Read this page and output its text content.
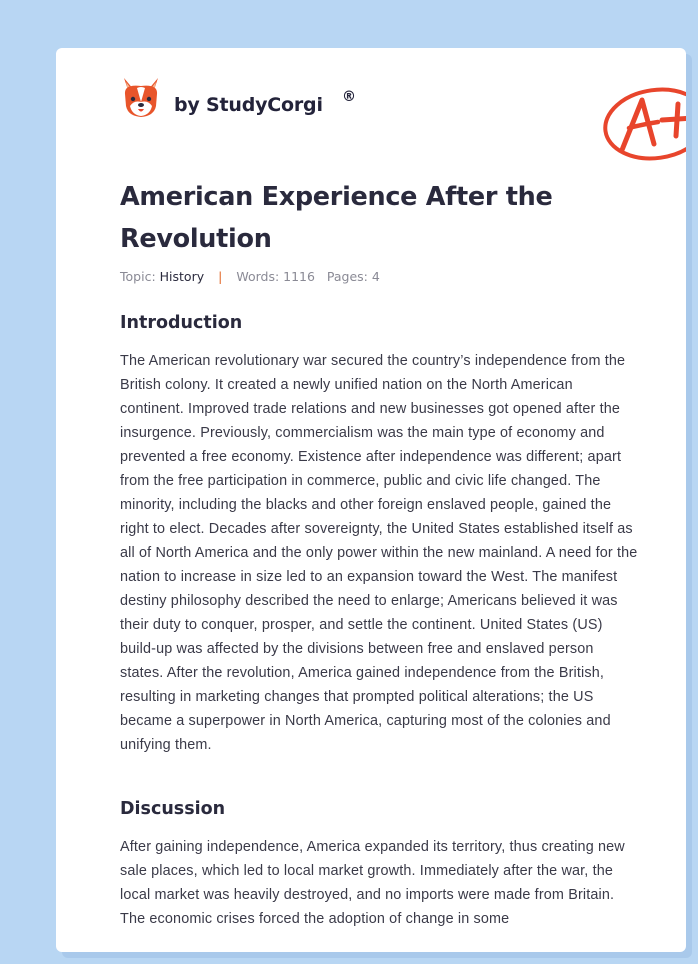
by StudyCorgi ®
A+
American Experience After the Revolution
Topic: History | Words: 1116 Pages: 4
Introduction

The American revolutionary war secured the country’s independence from the British colony. It created a newly unified nation on the North American continent. Improved trade relations and new businesses got opened after the insurgence. Previously, commercialism was the main type of economy and prevented a free economy. Existence after independence was different; apart from the free participation in commerce, public and civic life changed. The minority, including the blacks and other foreign enslaved people, gained the right to elect. Decades after sovereignty, the United States established itself as all of North America and the only power within the new mainland. A need for the nation to increase in size led to an expansion toward the West. The manifest destiny philosophy described the need to enlarge; Americans believed it was their duty to conquer, prosper, and settle the continent. United States (US) build-up was affected by the divisions between free and enslaved person states. After the revolution, America gained independence from the British, resulting in marketing changes that prompted political alterations; the US became a superpower in North America, capturing most of the colonies and unifying them.

Discussion

After gaining independence, America expanded its territory, thus creating new sale places, which led to local market growth. Immediately after the war, the local market was heavily destroyed, and no imports were made from Britain. The economic crises forced the adoption of change in some
